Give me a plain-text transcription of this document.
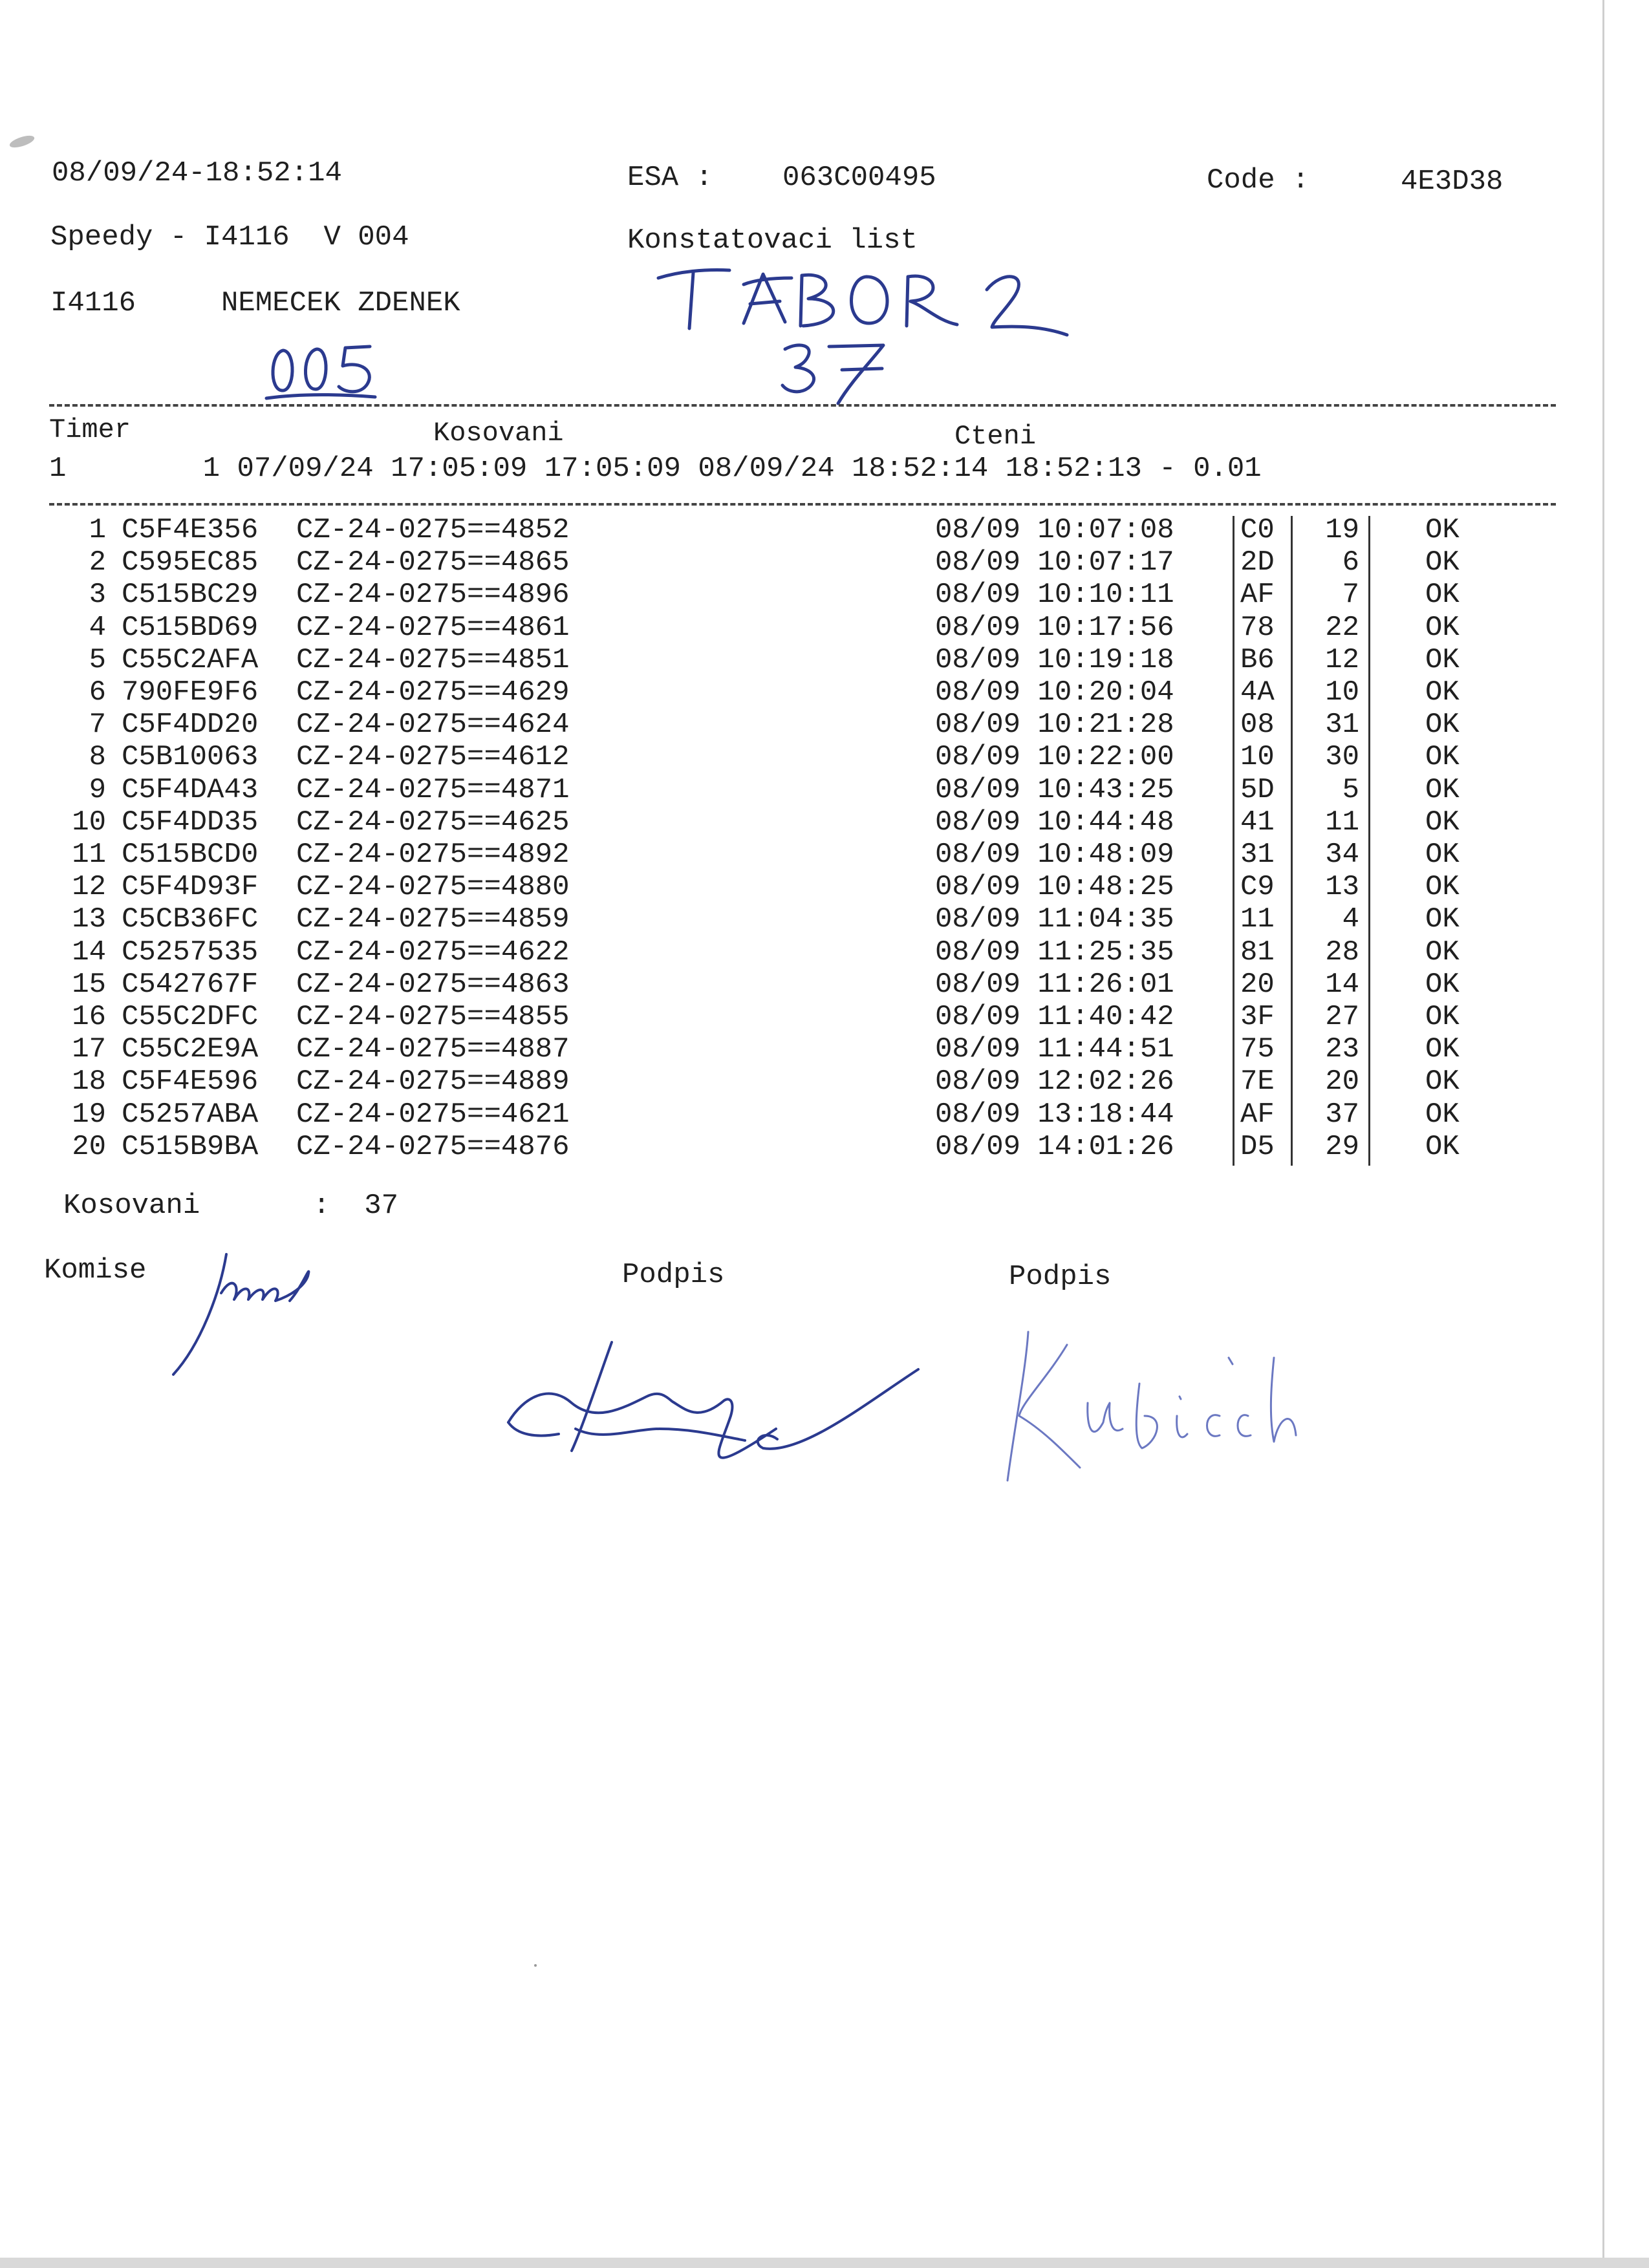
08/09/24-18:52:14	ESA : 063C00495	Code :	4E3D38
Speedy - I4116  V 004	Konstatovaci list
I4116	NEMECEK ZDENEK
Timer	Kosovani	Cteni
1        1 07/09/24 17:05:09 17:05:09 08/09/24 18:52:14 18:52:13 - 0.01
1 C5F4E356 CZ-24-0275==4852	08/09 10:07:08 C0	19 OK
2 C595EC85 CZ-24-0275==4865	08/09 10:07:17 2D	6 OK
3 C515BC29 CZ-24-0275==4896	08/09 10:10:11 AF	7 OK
4 C515BD69 CZ-24-0275==4861	08/09 10:17:56 78	22 OK
5 C55C2AFA CZ-24-0275==4851	08/09 10:19:18 B6	12 OK
6 790FE9F6 CZ-24-0275==4629	08/09 10:20:04 4A	10 OK
7 C5F4DD20 CZ-24-0275==4624	08/09 10:21:28 08	31 OK
8 C5B10063 CZ-24-0275==4612	08/09 10:22:00 10	30 OK
9 C5F4DA43 CZ-24-0275==4871	08/09 10:43:25 5D	5 OK
10 C5F4DD35 CZ-24-0275==4625	08/09 10:44:48 41	11 OK
11 C515BCD0 CZ-24-0275==4892	08/09 10:48:09 31	34 OK
12 C5F4D93F CZ-24-0275==4880	08/09 10:48:25 C9	13 OK
13 C5CB36FC CZ-24-0275==4859	08/09 11:04:35 11	4 OK
14 C5257535 CZ-24-0275==4622	08/09 11:25:35 81	28 OK
15 C542767F CZ-24-0275==4863	08/09 11:26:01 20	14 OK
16 C55C2DFC CZ-24-0275==4855	08/09 11:40:42 3F	27 OK
17 C55C2E9A CZ-24-0275==4887	08/09 11:44:51 75	23 OK
18 C5F4E596 CZ-24-0275==4889	08/09 12:02:26 7E	20 OK
19 C5257ABA CZ-24-0275==4621	08/09 13:18:44 AF	37 OK
20 C515B9BA CZ-24-0275==4876	08/09 14:01:26 D5	29 OK
Kosovani	:  37
Komise	Podpis	Podpis
